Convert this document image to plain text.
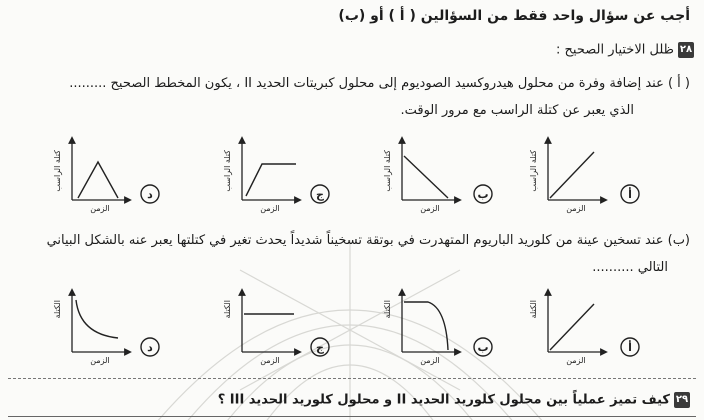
أجب عن سؤال واحد فقط من السؤالين ( أ ) أو (ب)
٢٨ظلل الاختيار الصحيح :
( أ ) عند إضافة وفرة من محلول هيدروكسيد الصوديوم إلى محلول كبريتات الحديد II ، يكون المخطط الصحيح .........
الذي يعبر عن كتلة الراسب مع مرور الوقت.
(ب) عند تسخين عينة من كلوريد الباريوم المتهدرت في بوتقة تسخيناً شديداً يحدث تغير في كتلتها يعبر عنه بالشكل البياني
التالي ..........
كتلة الراسب
الزمن
د
كتلة الراسب
الزمن
ج
كتلة الراسب
الزمن
ب
كتلة الراسب
الزمن
أ
الكتلة
الزمن
د
الكتلة
الزمن
ج
الكتلة
الزمن
ب
الكتلة
الزمن
أ
٢٩كيف تميز عملياً بين محلول كلوريد الحديد II و محلول كلوريد الحديد III ؟
